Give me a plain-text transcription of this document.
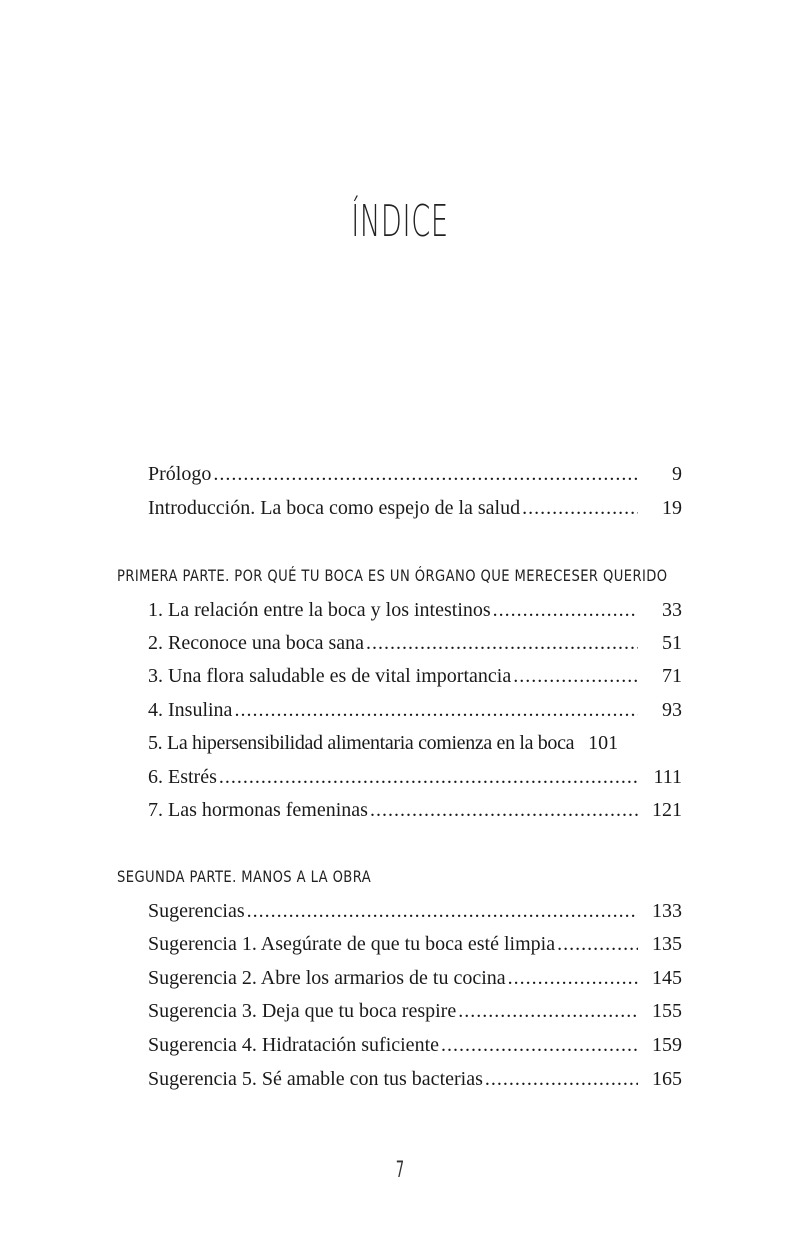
ÍNDICE
Prólogo .....	9
Introducción. La boca como espejo de la salud .....	19
PRIMERA PARTE. POR QUÉ TU BOCA ES UN ÓRGANO QUE MERECESER QUERIDO
1. La relación entre la boca y los intestinos .....	33
2. Reconoce una boca sana .....	51
3. Una flora saludable es de vital importancia .....	71
4. Insulina .....	93
5. La hipersensibilidad alimentaria comienza en la boca 101
6. Estrés .....	111
7. Las hormonas femeninas .....	121
SEGUNDA PARTE. MANOS A LA OBRA
Sugerencias .....	133
Sugerencia 1. Asegúrate de que tu boca esté limpia .....	135
Sugerencia 2. Abre los armarios de tu cocina .....	145
Sugerencia 3. Deja que tu boca respire .....	155
Sugerencia 4. Hidratación suficiente .....	159
Sugerencia 5. Sé amable con tus bacterias .....	165
7
